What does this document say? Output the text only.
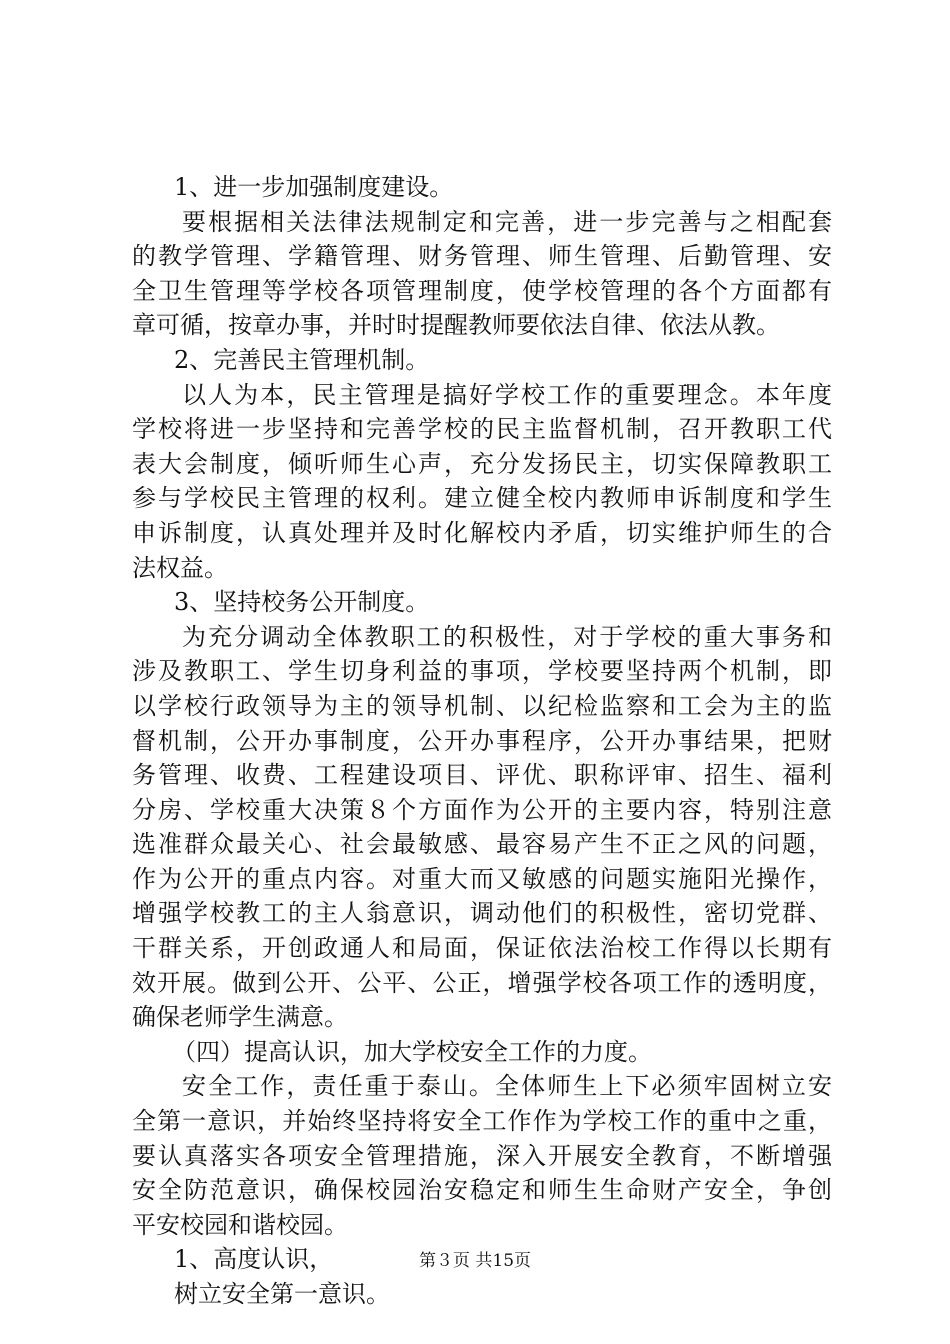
1、进一步加强制度建设。
要根据相关法律法规制定和完善，进一步完善与之相配套
的教学管理、学籍管理、财务管理、师生管理、后勤管理、安
全卫生管理等学校各项管理制度，使学校管理的各个方面都有
章可循，按章办事，并时时提醒教师要依法自律、依法从教。
2、完善民主管理机制。
以人为本，民主管理是搞好学校工作的重要理念。本年度
学校将进一步坚持和完善学校的民主监督机制，召开教职工代
表大会制度，倾听师生心声，充分发扬民主，切实保障教职工
参与学校民主管理的权利。建立健全校内教师申诉制度和学生
申诉制度，认真处理并及时化解校内矛盾，切实维护师生的合
法权益。
3、坚持校务公开制度。
为充分调动全体教职工的积极性，对于学校的重大事务和
涉及教职工、学生切身利益的事项，学校要坚持两个机制，即
以学校行政领导为主的领导机制、以纪检监察和工会为主的监
督机制，公开办事制度，公开办事程序，公开办事结果，把财
务管理、收费、工程建设项目、评优、职称评审、招生、福利
分房、学校重大决策８个方面作为公开的主要内容，特别注意
选准群众最关心、社会最敏感、最容易产生不正之风的问题，
作为公开的重点内容。对重大而又敏感的问题实施阳光操作，
增强学校教工的主人翁意识，调动他们的积极性，密切党群、
干群关系，开创政通人和局面，保证依法治校工作得以长期有
效开展。做到公开、公平、公正，增强学校各项工作的透明度，
确保老师学生满意。
（四）提高认识，加大学校安全工作的力度。
安全工作，责任重于泰山。全体师生上下必须牢固树立安
全第一意识，并始终坚持将安全工作作为学校工作的重中之重，
要认真落实各项安全管理措施，深入开展安全教育，不断增强
安全防范意识，确保校园治安稳定和师生生命财产安全，争创
平安校园和谐校园。
1、高度认识，
树立安全第一意识。
第３页 共15页
